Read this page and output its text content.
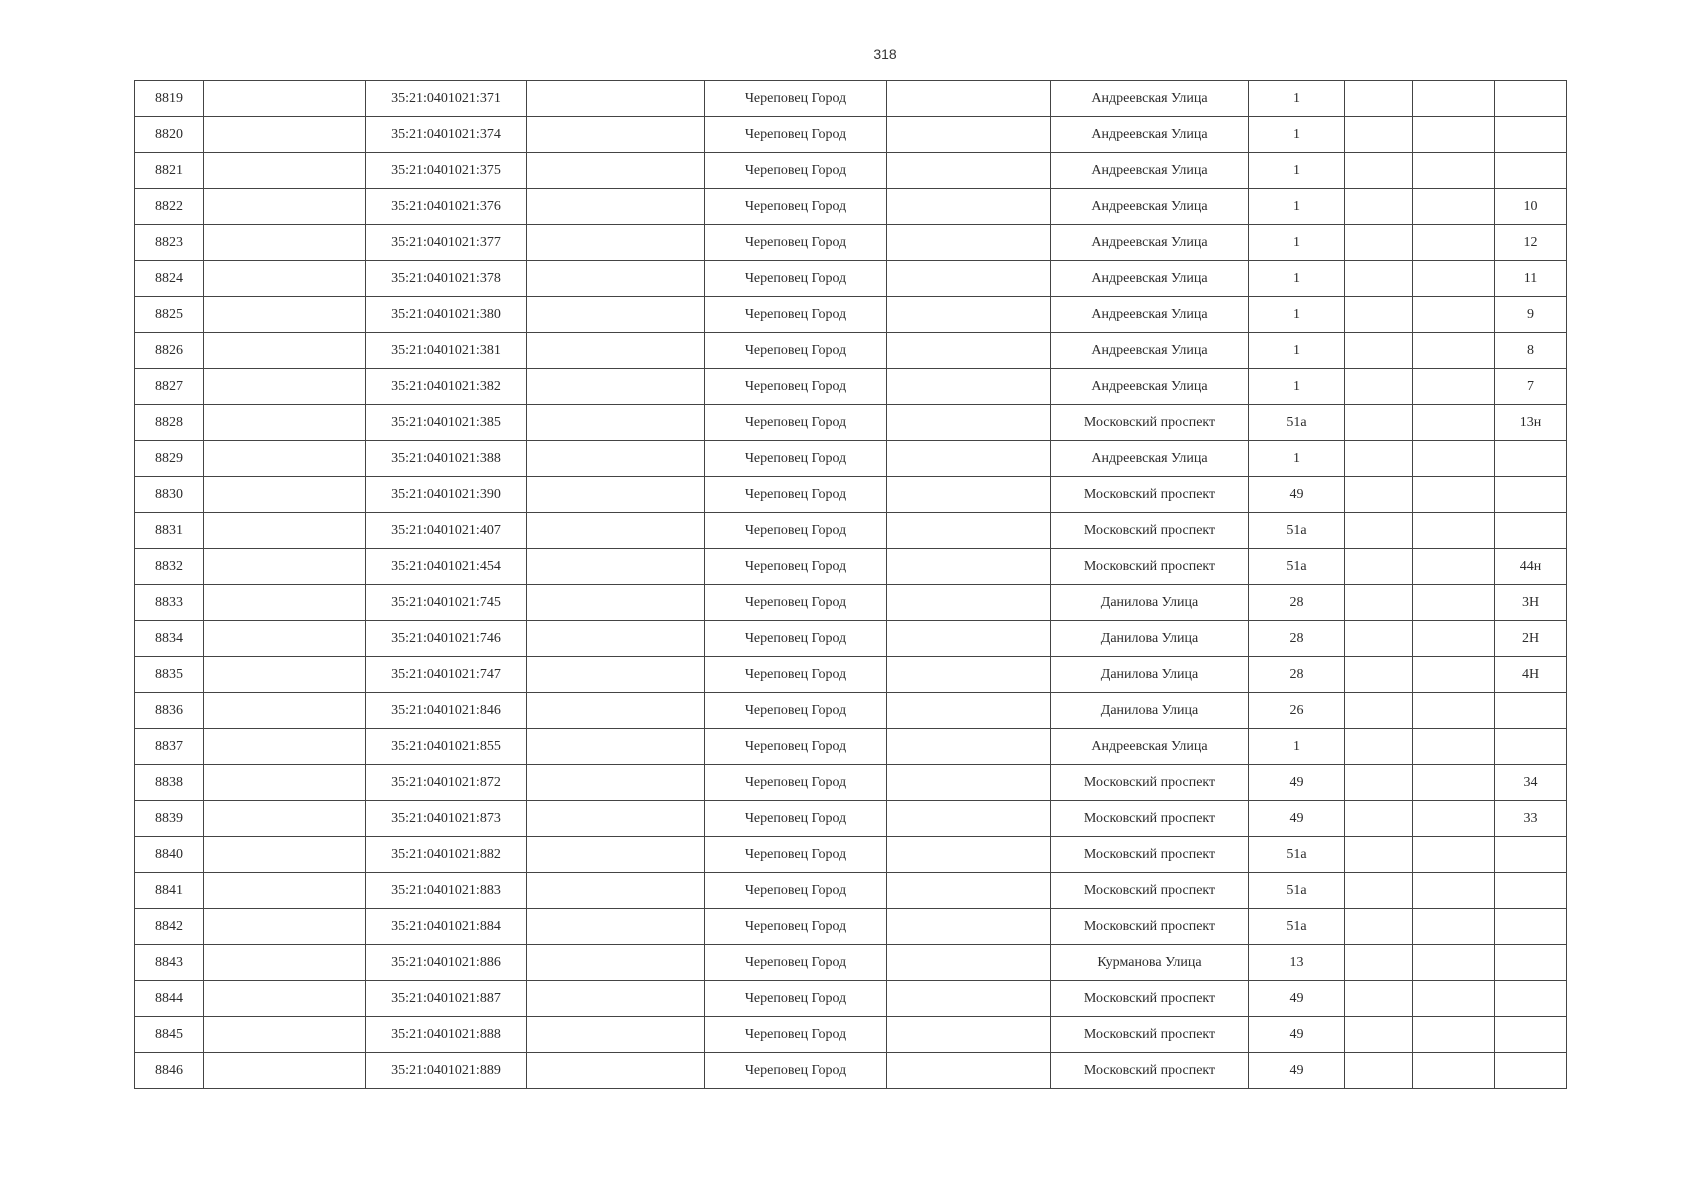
318
8819		35:21:0401021:371		Череповец Город		Андреевская Улица	1			
8820		35:21:0401021:374		Череповец Город		Андреевская Улица	1			
8821		35:21:0401021:375		Череповец Город		Андреевская Улица	1			
8822		35:21:0401021:376		Череповец Город		Андреевская Улица	1			10
8823		35:21:0401021:377		Череповец Город		Андреевская Улица	1			12
8824		35:21:0401021:378		Череповец Город		Андреевская Улица	1			11
8825		35:21:0401021:380		Череповец Город		Андреевская Улица	1			9
8826		35:21:0401021:381		Череповец Город		Андреевская Улица	1			8
8827		35:21:0401021:382		Череповец Город		Андреевская Улица	1			7
8828		35:21:0401021:385		Череповец Город		Московский проспект	51а			13н
8829		35:21:0401021:388		Череповец Город		Андреевская Улица	1			
8830		35:21:0401021:390		Череповец Город		Московский проспект	49			
8831		35:21:0401021:407		Череповец Город		Московский проспект	51а			
8832		35:21:0401021:454		Череповец Город		Московский проспект	51а			44н
8833		35:21:0401021:745		Череповец Город		Данилова Улица	28			3Н
8834		35:21:0401021:746		Череповец Город		Данилова Улица	28			2Н
8835		35:21:0401021:747		Череповец Город		Данилова Улица	28			4Н
8836		35:21:0401021:846		Череповец Город		Данилова Улица	26			
8837		35:21:0401021:855		Череповец Город		Андреевская Улица	1			
8838		35:21:0401021:872		Череповец Город		Московский проспект	49			34
8839		35:21:0401021:873		Череповец Город		Московский проспект	49			33
8840		35:21:0401021:882		Череповец Город		Московский проспект	51а			
8841		35:21:0401021:883		Череповец Город		Московский проспект	51а			
8842		35:21:0401021:884		Череповец Город		Московский проспект	51а			
8843		35:21:0401021:886		Череповец Город		Курманова Улица	13			
8844		35:21:0401021:887		Череповец Город		Московский проспект	49			
8845		35:21:0401021:888		Череповец Город		Московский проспект	49			
8846		35:21:0401021:889		Череповец Город		Московский проспект	49			
